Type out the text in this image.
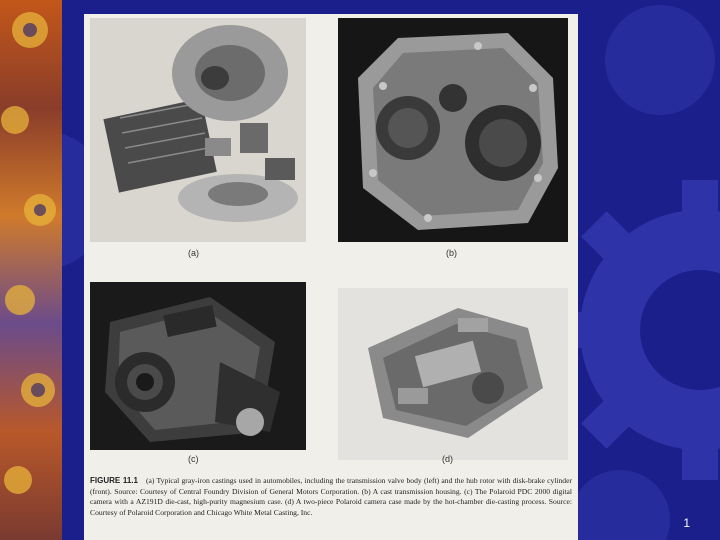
(a)	(b)
(c)	(d)
FIGURE 11.1 (a) Typical gray-iron castings used in automobiles, including the transmission valve body (left) and the hub rotor with disk-brake cylinder (front). Source: Courtesy of Central Foundry Division of General Motors Corporation. (b) A cast transmission housing. (c) The Polaroid PDC 2000 digital camera with a AZ191D die-cast, high-purity magnesium case. (d) A two-piece Polaroid camera case made by the hot-chamber die-casting process. Source: Courtesy of Polaroid Corporation and Chicago White Metal Casting, Inc.
1
